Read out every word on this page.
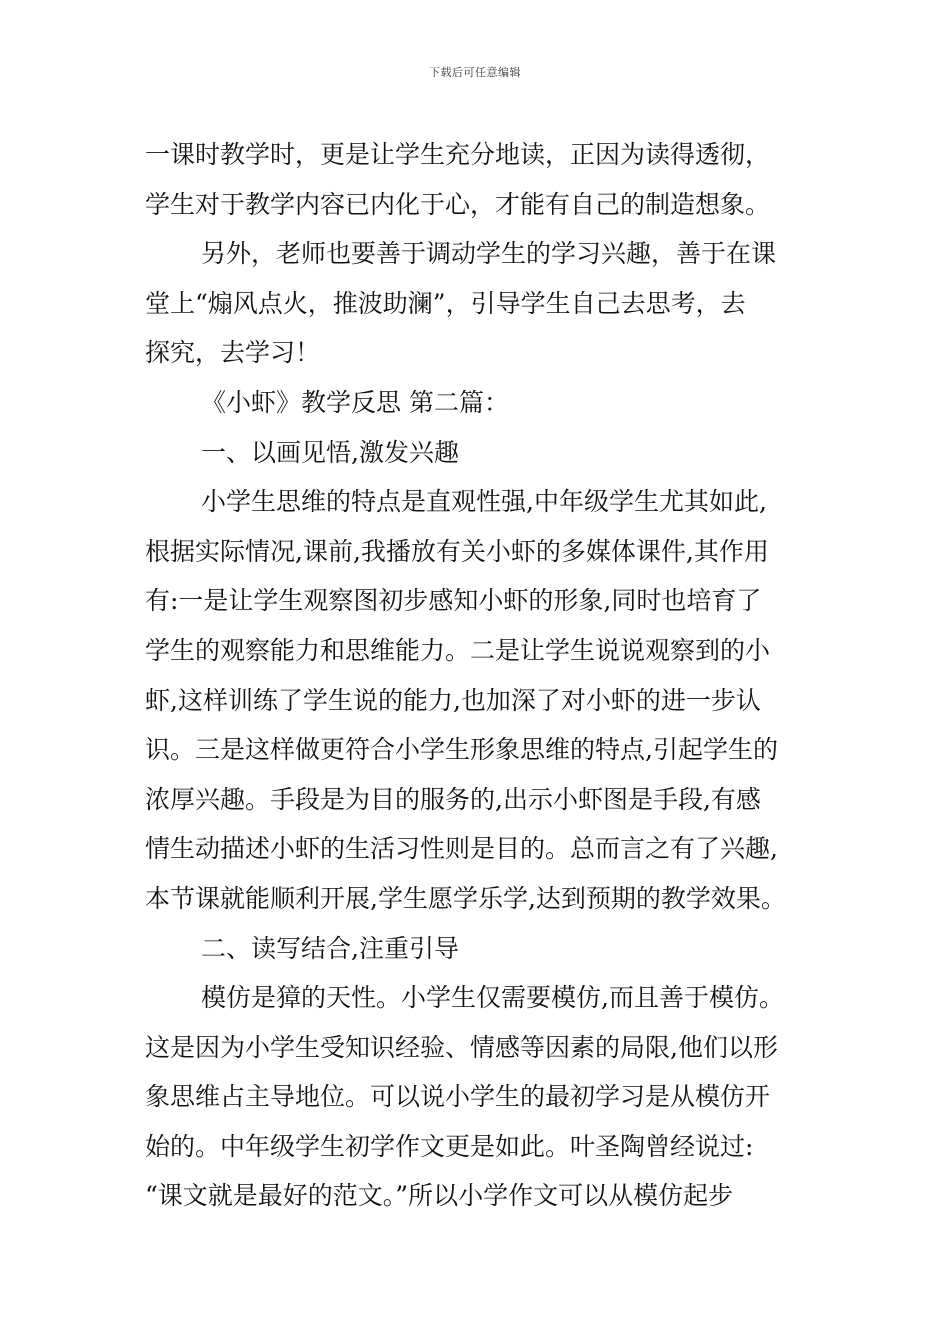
下载后可任意编辑
一课时教学时，更是让学生充分地读，正因为读得透彻，
学生对于教学内容已内化于心，才能有自己的制造想象。
另外，老师也要善于调动学生的学习兴趣，善于在课
堂上“煽风点火，推波助澜”，引导学生自己去思考，去
探究，去学习！
《小虾》教学反思 第二篇：
一、以画见悟,激发兴趣
小学生思维的特点是直观性强,中年级学生尤其如此,
根据实际情况,课前,我播放有关小虾的多媒体课件,其作用
有:一是让学生观察图初步感知小虾的形象,同时也培育了
学生的观察能力和思维能力。二是让学生说说观察到的小
虾,这样训练了学生说的能力,也加深了对小虾的进一步认
识。三是这样做更符合小学生形象思维的特点,引起学生的
浓厚兴趣。手段是为目的服务的,出示小虾图是手段,有感
情生动描述小虾的生活习性则是目的。总而言之有了兴趣,
本节课就能顺利开展,学生愿学乐学,达到预期的教学效果。
二、读写结合,注重引导
模仿是獐的天性。小学生仅需要模仿,而且善于模仿。
这是因为小学生受知识经验、情感等因素的局限,他们以形
象思维占主导地位。可以说小学生的最初学习是从模仿开
始的。中年级学生初学作文更是如此。叶圣陶曾经说过:
“课文就是最好的范文。”所以小学作文可以从模仿起步
